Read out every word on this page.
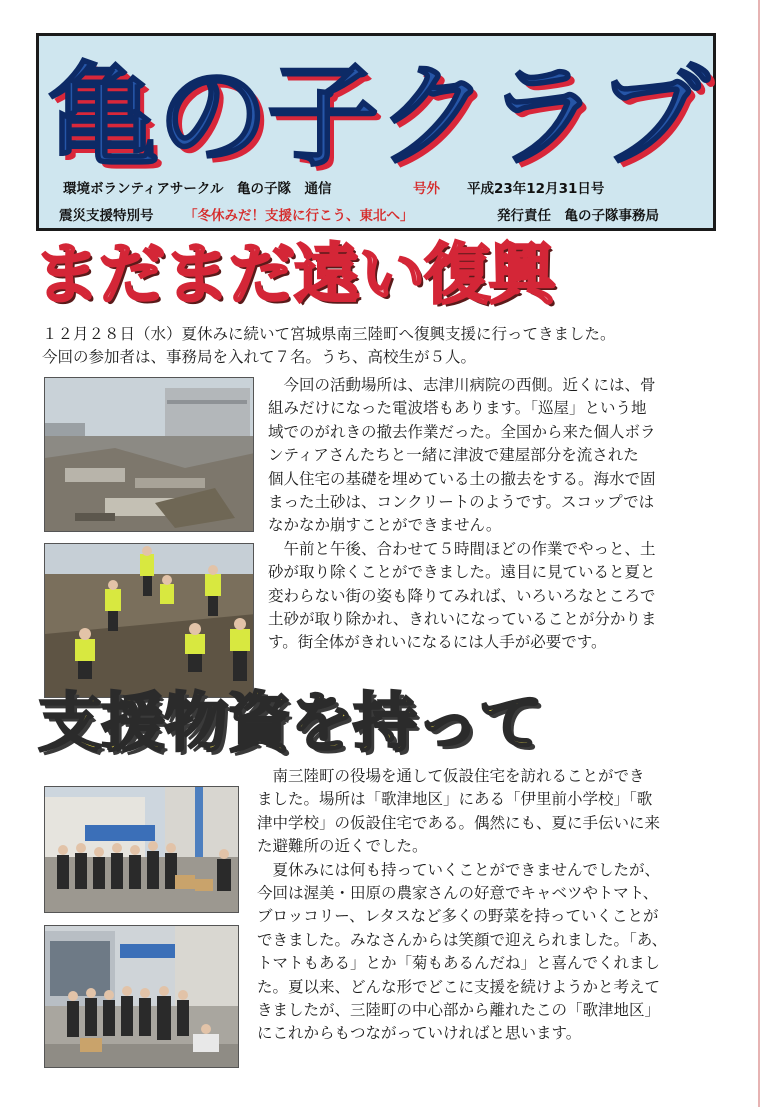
亀の子クラブ
環境ボランティアサークル　亀の子隊　通信	号外 平成23年12月31日号
震災支援特別号 「冬休みだ！支援に行こう、東北へ」	発行責任　亀の子隊事務局
まだまだ遠い復興

１２月２８日（水）夏休みに続いて宮城県南三陸町へ復興支援に行ってきました。

今回の参加者は、事務局を入れて７名。うち、高校生が５人。

　今回の活動場所は、志津川病院の西側。近くには、骨

組みだけになった電波塔もあります。「巡屋」という地

域でのがれきの撤去作業だった。全国から来た個人ボラ

ンティアさんたちと一緒に津波で建屋部分を流された

個人住宅の基礎を埋めている土の撤去をする。海水で固

まった土砂は、コンクリートのようです。スコップでは

なかなか崩すことができません。

　午前と午後、合わせて５時間ほどの作業でやっと、土

砂が取り除くことができました。遠目に見ていると夏と

変わらない街の姿も降りてみれば、いろいろなところで

土砂が取り除かれ、きれいになっていることが分かりま

す。街全体がきれいになるには人手が必要です。

支援物資を持って

　南三陸町の役場を通して仮設住宅を訪れることができ

ました。場所は「歌津地区」にある「伊里前小学校」「歌

津中学校」の仮設住宅である。偶然にも、夏に手伝いに来

た避難所の近くでした。

　夏休みには何も持っていくことができませんでしたが、

今回は渥美・田原の農家さんの好意でキャベツやトマト、

ブロッコリー、レタスなど多くの野菜を持っていくことが

できました。みなさんからは笑顔で迎えられました。「あ、

トマトもある」とか「菊もあるんだね」と喜んでくれまし

た。夏以来、どんな形でどこに支援を続けようかと考えて

きましたが、三陸町の中心部から離れたこの「歌津地区」

にこれからもつながっていければと思います。
